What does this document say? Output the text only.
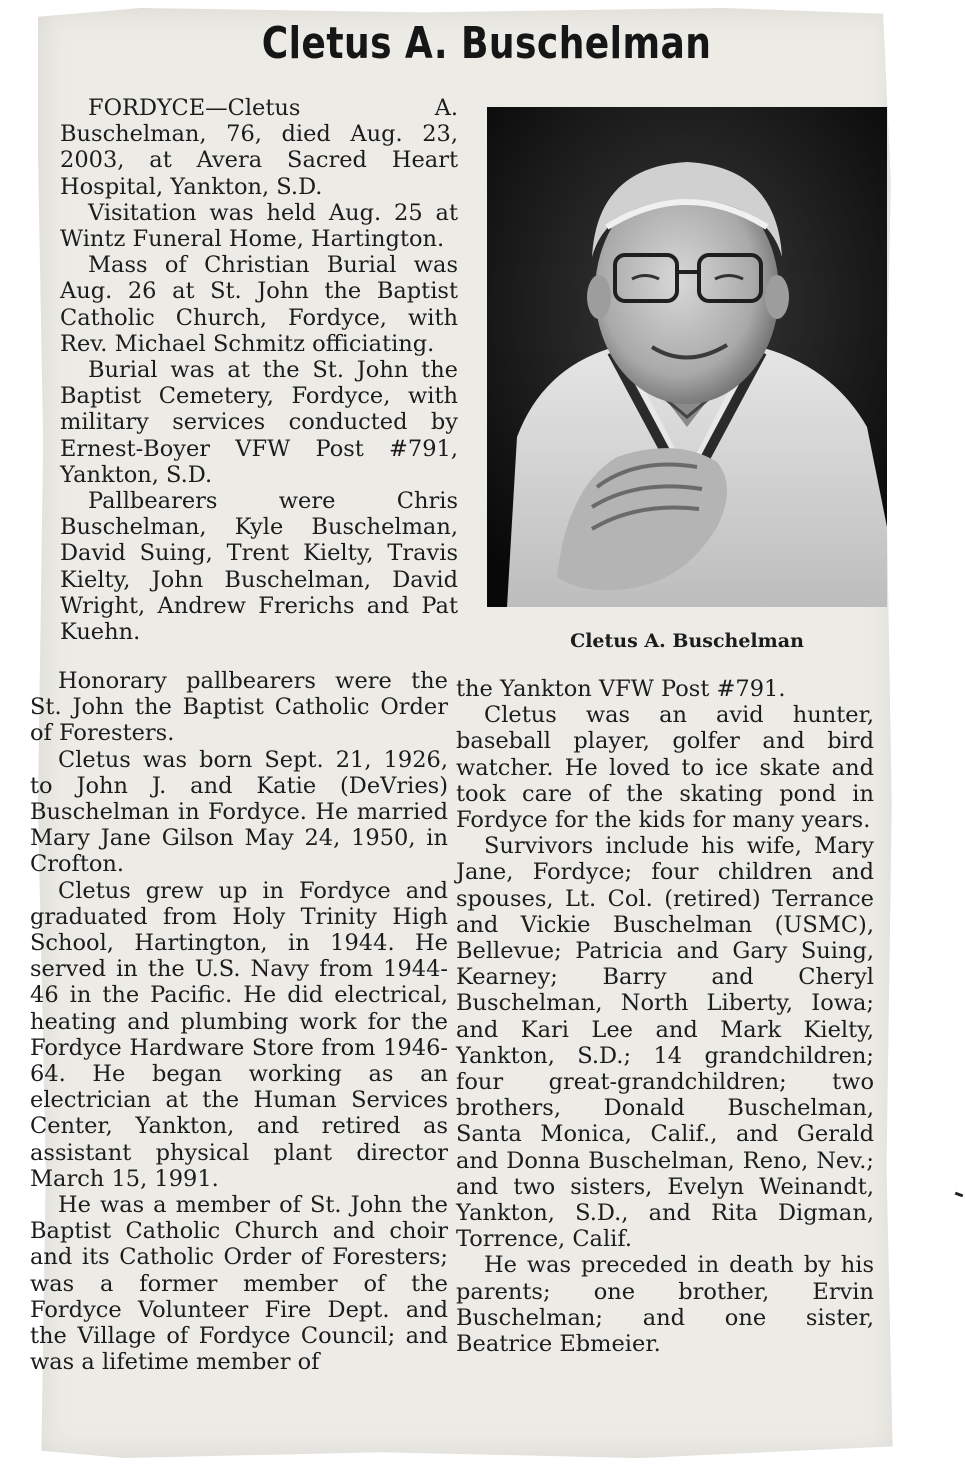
Cletus A. Buschelman

FORDYCE—Cletus A. Buschelman, 76, died Aug. 23, 2003, at Avera Sacred Heart Hospital, Yankton, S.D.

Visitation was held Aug. 25 at Wintz Funeral Home, Hartington.

Mass of Christian Burial was Aug. 26 at St. John the Baptist Catholic Church, Fordyce, with Rev. Michael Schmitz officiating.

Burial was at the St. John the Baptist Cemetery, Fordyce, with military services conducted by Ernest-Boyer VFW Post #791, Yankton, S.D.

Pallbearers were Chris Buschelman, Kyle Buschelman, David Suing, Trent Kielty, Travis Kielty, John Buschelman, David Wright, Andrew Frerichs and Pat Kuehn.	Cletus A. Buschelman

Honorary pallbearers were the St. John the Baptist Catholic Order of Foresters.

Cletus was born Sept. 21, 1926, to John J. and Katie (DeVries) Buschelman in Fordyce. He married Mary Jane Gilson May 24, 1950, in Crofton.

Cletus grew up in Fordyce and graduated from Holy Trinity High School, Hartington, in 1944. He served in the U.S. Navy from 1944-46 in the Pacific. He did electrical, heating and plumbing work for the Fordyce Hardware Store from 1946-64. He began working as an electrician at the Human Services Center, Yankton, and retired as assistant physical plant director March 15, 1991.

He was a member of St. John the Baptist Catholic Church and choir and its Catholic Order of Foresters; was a former member of the Fordyce Volunteer Fire Dept. and the Village of Fordyce Council; and was a lifetime member of

the Yankton VFW Post #791.

Cletus was an avid hunter, baseball player, golfer and bird watcher. He loved to ice skate and took care of the skating pond in Fordyce for the kids for many years.

Survivors include his wife, Mary Jane, Fordyce; four children and spouses, Lt. Col. (retired) Terrance and Vickie Buschelman (USMC), Bellevue; Patricia and Gary Suing, Kearney; Barry and Cheryl Buschelman, North Liberty, Iowa; and Kari Lee and Mark Kielty, Yankton, S.D.; 14 grandchildren; four great-grandchildren; two brothers, Donald Buschelman, Santa Monica, Calif., and Gerald and Donna Buschelman, Reno, Nev.; and two sisters, Evelyn Weinandt, Yankton, S.D., and Rita Digman, Torrence, Calif.

He was preceded in death by his parents; one brother, Ervin Buschelman; and one sister, Beatrice Ebmeier.
